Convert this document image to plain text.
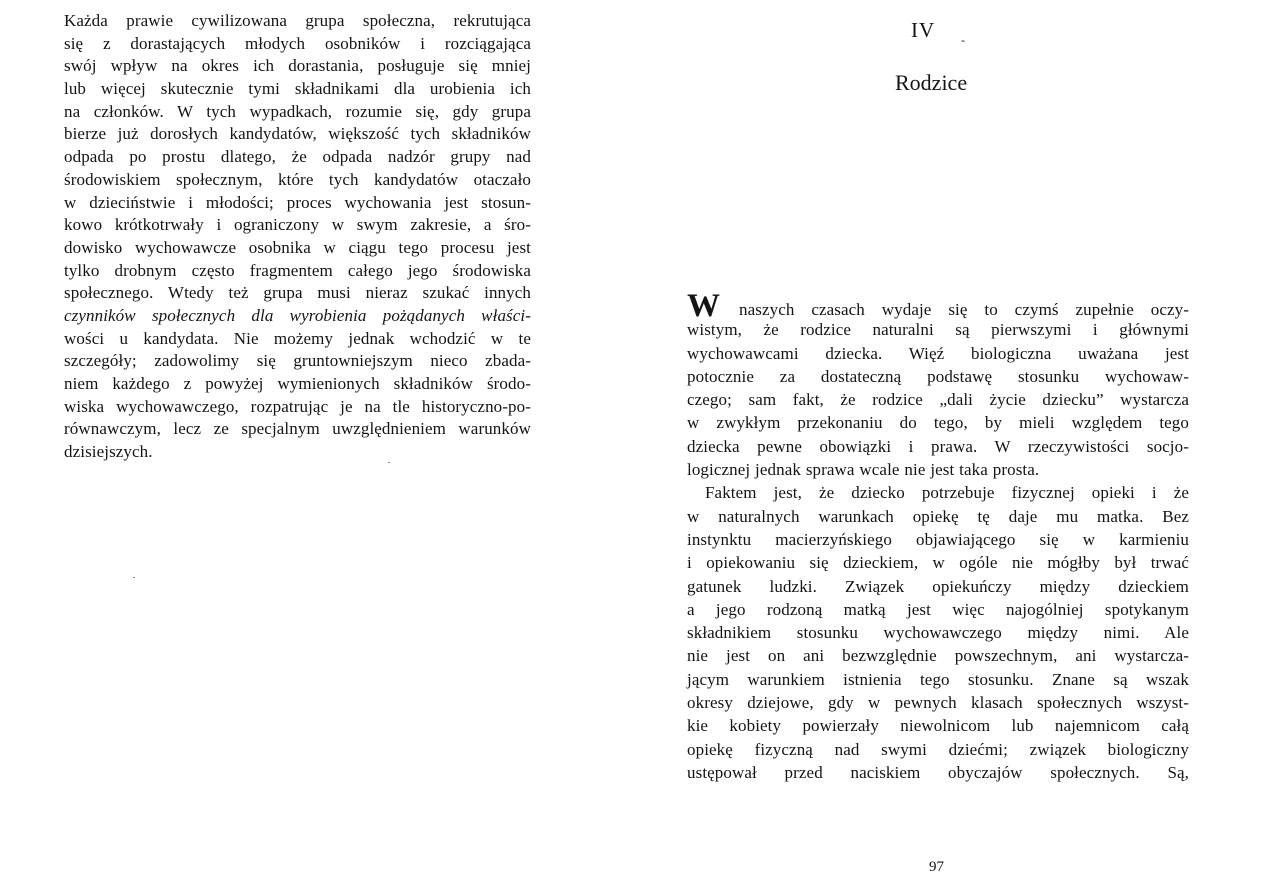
Każda prawie cywilizowana grupa społeczna, rekrutująca
się z dorastających młodych osobników i rozciągająca
swój wpływ na okres ich dorastania, posługuje się mniej
lub więcej skutecznie tymi składnikami dla urobienia ich
na członków. W tych wypadkach, rozumie się, gdy grupa
bierze już dorosłych kandydatów, większość tych składników
odpada po prostu dlatego, że odpada nadzór grupy nad
środowiskiem społecznym, które tych kandydatów otaczało
w dzieciństwie i młodości; proces wychowania jest stosun-
kowo krótkotrwały i ograniczony w swym zakresie, a śro-
dowisko wychowawcze osobnika w ciągu tego procesu jest
tylko drobnym często fragmentem całego jego środowiska
społecznego. Wtedy też grupa musi nieraz szukać innych
czynników społecznych dla wyrobienia pożądanych właści-
wości u kandydata. Nie możemy jednak wchodzić w te
szczegóły; zadowolimy się gruntowniejszym nieco zbada-
niem każdego z powyżej wymienionych składników środo-
wiska wychowawczego, rozpatrując je na tle historyczno-po-
równawczym, lecz ze specjalnym uwzględnieniem warunków
dzisiejszych.
IV -
Rodzice
W naszych czasach wydaje się to czymś zupełnie oczy-
wistym, że rodzice naturalni są pierwszymi i głównymi
wychowawcami dziecka. Więź biologiczna uważana jest
potocznie za dostateczną podstawę stosunku wychowaw-
czego; sam fakt, że rodzice „dali życie dziecku” wystarcza
w zwykłym przekonaniu do tego, by mieli względem tego
dziecka pewne obowiązki i prawa. W rzeczywistości socjo-
logicznej jednak sprawa wcale nie jest taka prosta.
Faktem jest, że dziecko potrzebuje fizycznej opieki i że
w naturalnych warunkach opiekę tę daje mu matka. Bez
instynktu macierzyńskiego objawiającego się w karmieniu
i opiekowaniu się dzieckiem, w ogóle nie mógłby był trwać
gatunek ludzki. Związek opiekuńczy między dzieckiem
a jego rodzoną matką jest więc najogólniej spotykanym
składnikiem stosunku wychowawczego między nimi. Ale
nie jest on ani bezwzględnie powszechnym, ani wystarcza-
jącym warunkiem istnienia tego stosunku. Znane są wszak
okresy dziejowe, gdy w pewnych klasach społecznych wszyst-
kie kobiety powierzały niewolnicom lub najemnicom całą
opiekę fizyczną nad swymi dziećmi; związek biologiczny
ustępował przed naciskiem obyczajów społecznych. Są,
97
